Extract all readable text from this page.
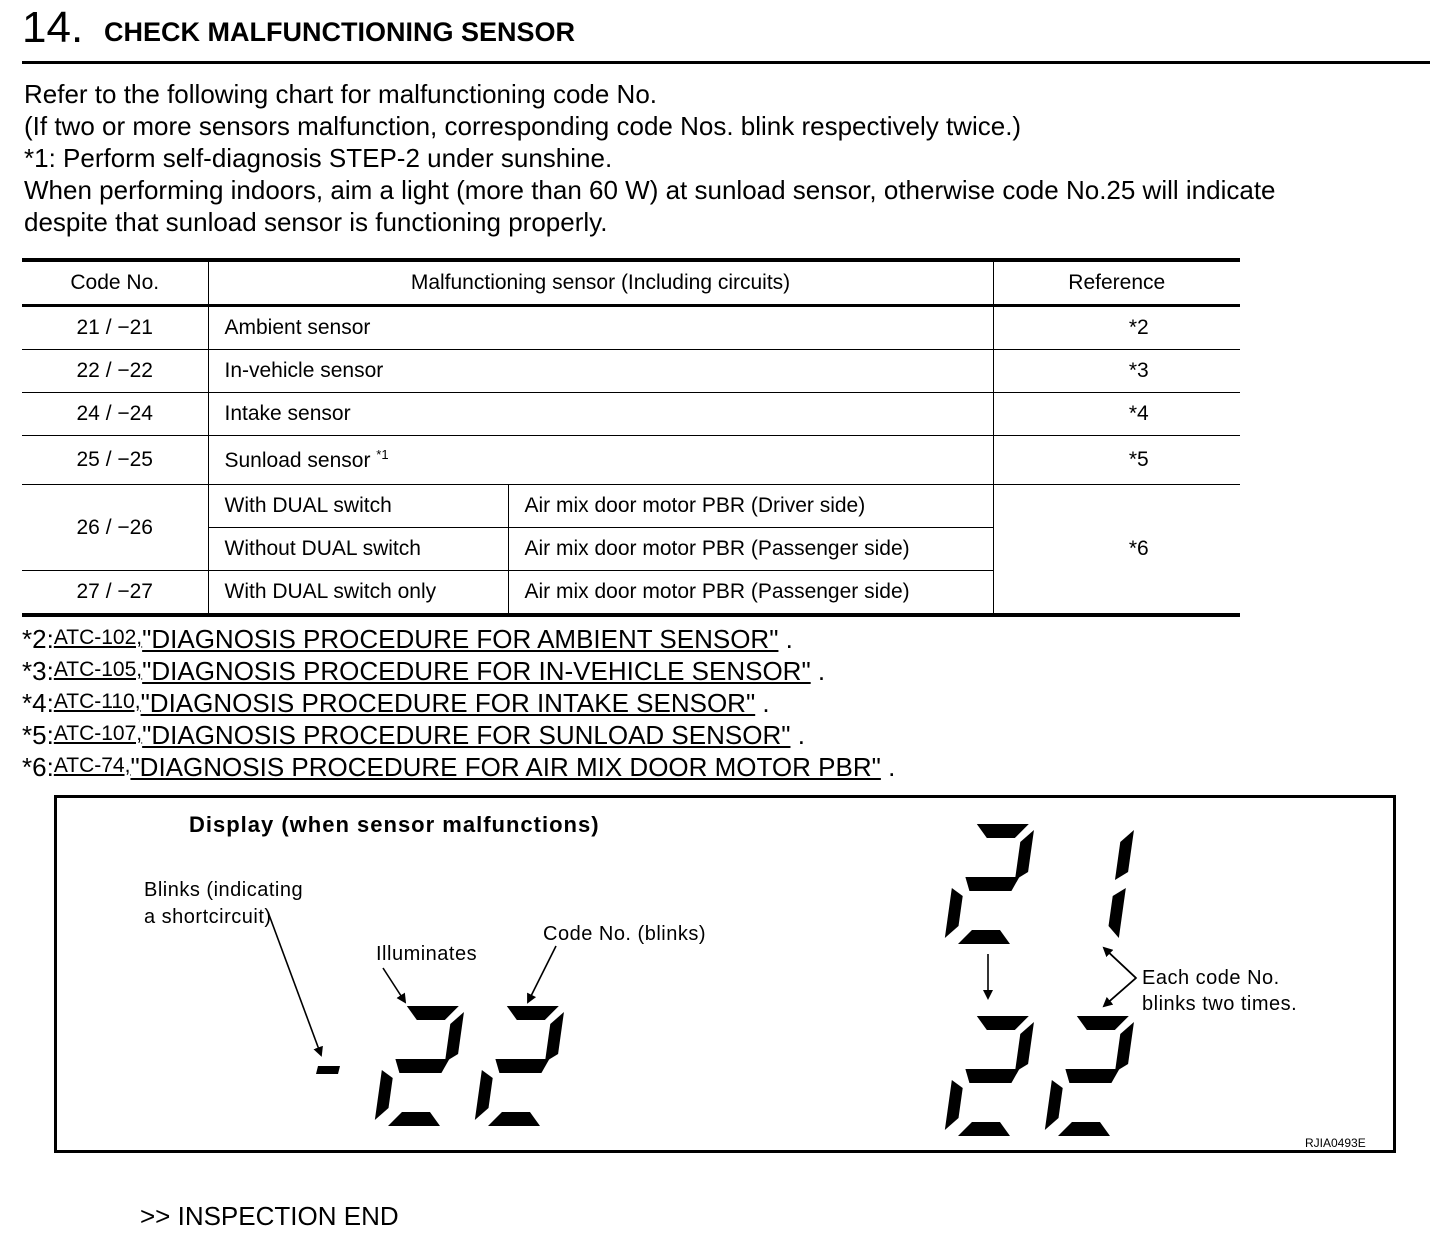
14. CHECK MALFUNCTIONING SENSOR
Refer to the following chart for malfunctioning code No.
(If two or more sensors malfunction, corresponding code Nos. blink respectively twice.)
*1: Perform self-diagnosis STEP-2 under sunshine.
When performing indoors, aim a light (more than 60 W) at sunload sensor, otherwise code No.25 will indicate
despite that sunload sensor is functioning properly.
Code No.	Malfunctioning sensor (Including circuits)		Reference
21 / −21	Ambient sensor		*2
22 / −22	In-vehicle sensor		*3
24 / −24	Intake sensor		*4
25 / −25	Sunload sensor $^{*1}$		*5
26 / −26	With DUAL switch	Air mix door motor PBR (Driver side)	*6
	Without DUAL switch	Air mix door motor PBR (Passenger side)	
27 / −27	With DUAL switch only	Air mix door motor PBR (Passenger side)	
*2:ATC-102,"DIAGNOSIS PROCEDURE FOR AMBIENT SENSOR" .
*3:ATC-105,"DIAGNOSIS PROCEDURE FOR IN-VEHICLE SENSOR" .
*4:ATC-110,"DIAGNOSIS PROCEDURE FOR INTAKE SENSOR" .
*5:ATC-107,"DIAGNOSIS PROCEDURE FOR SUNLOAD SENSOR" .
*6:ATC-74,"DIAGNOSIS PROCEDURE FOR AIR MIX DOOR MOTOR PBR" .
Display (when sensor malfunctions)
Blinks (indicating
a shortcircuit)
Illuminates
Code No. (blinks)
Each code No.
blinks two times.
RJIA0493E
>> INSPECTION END
